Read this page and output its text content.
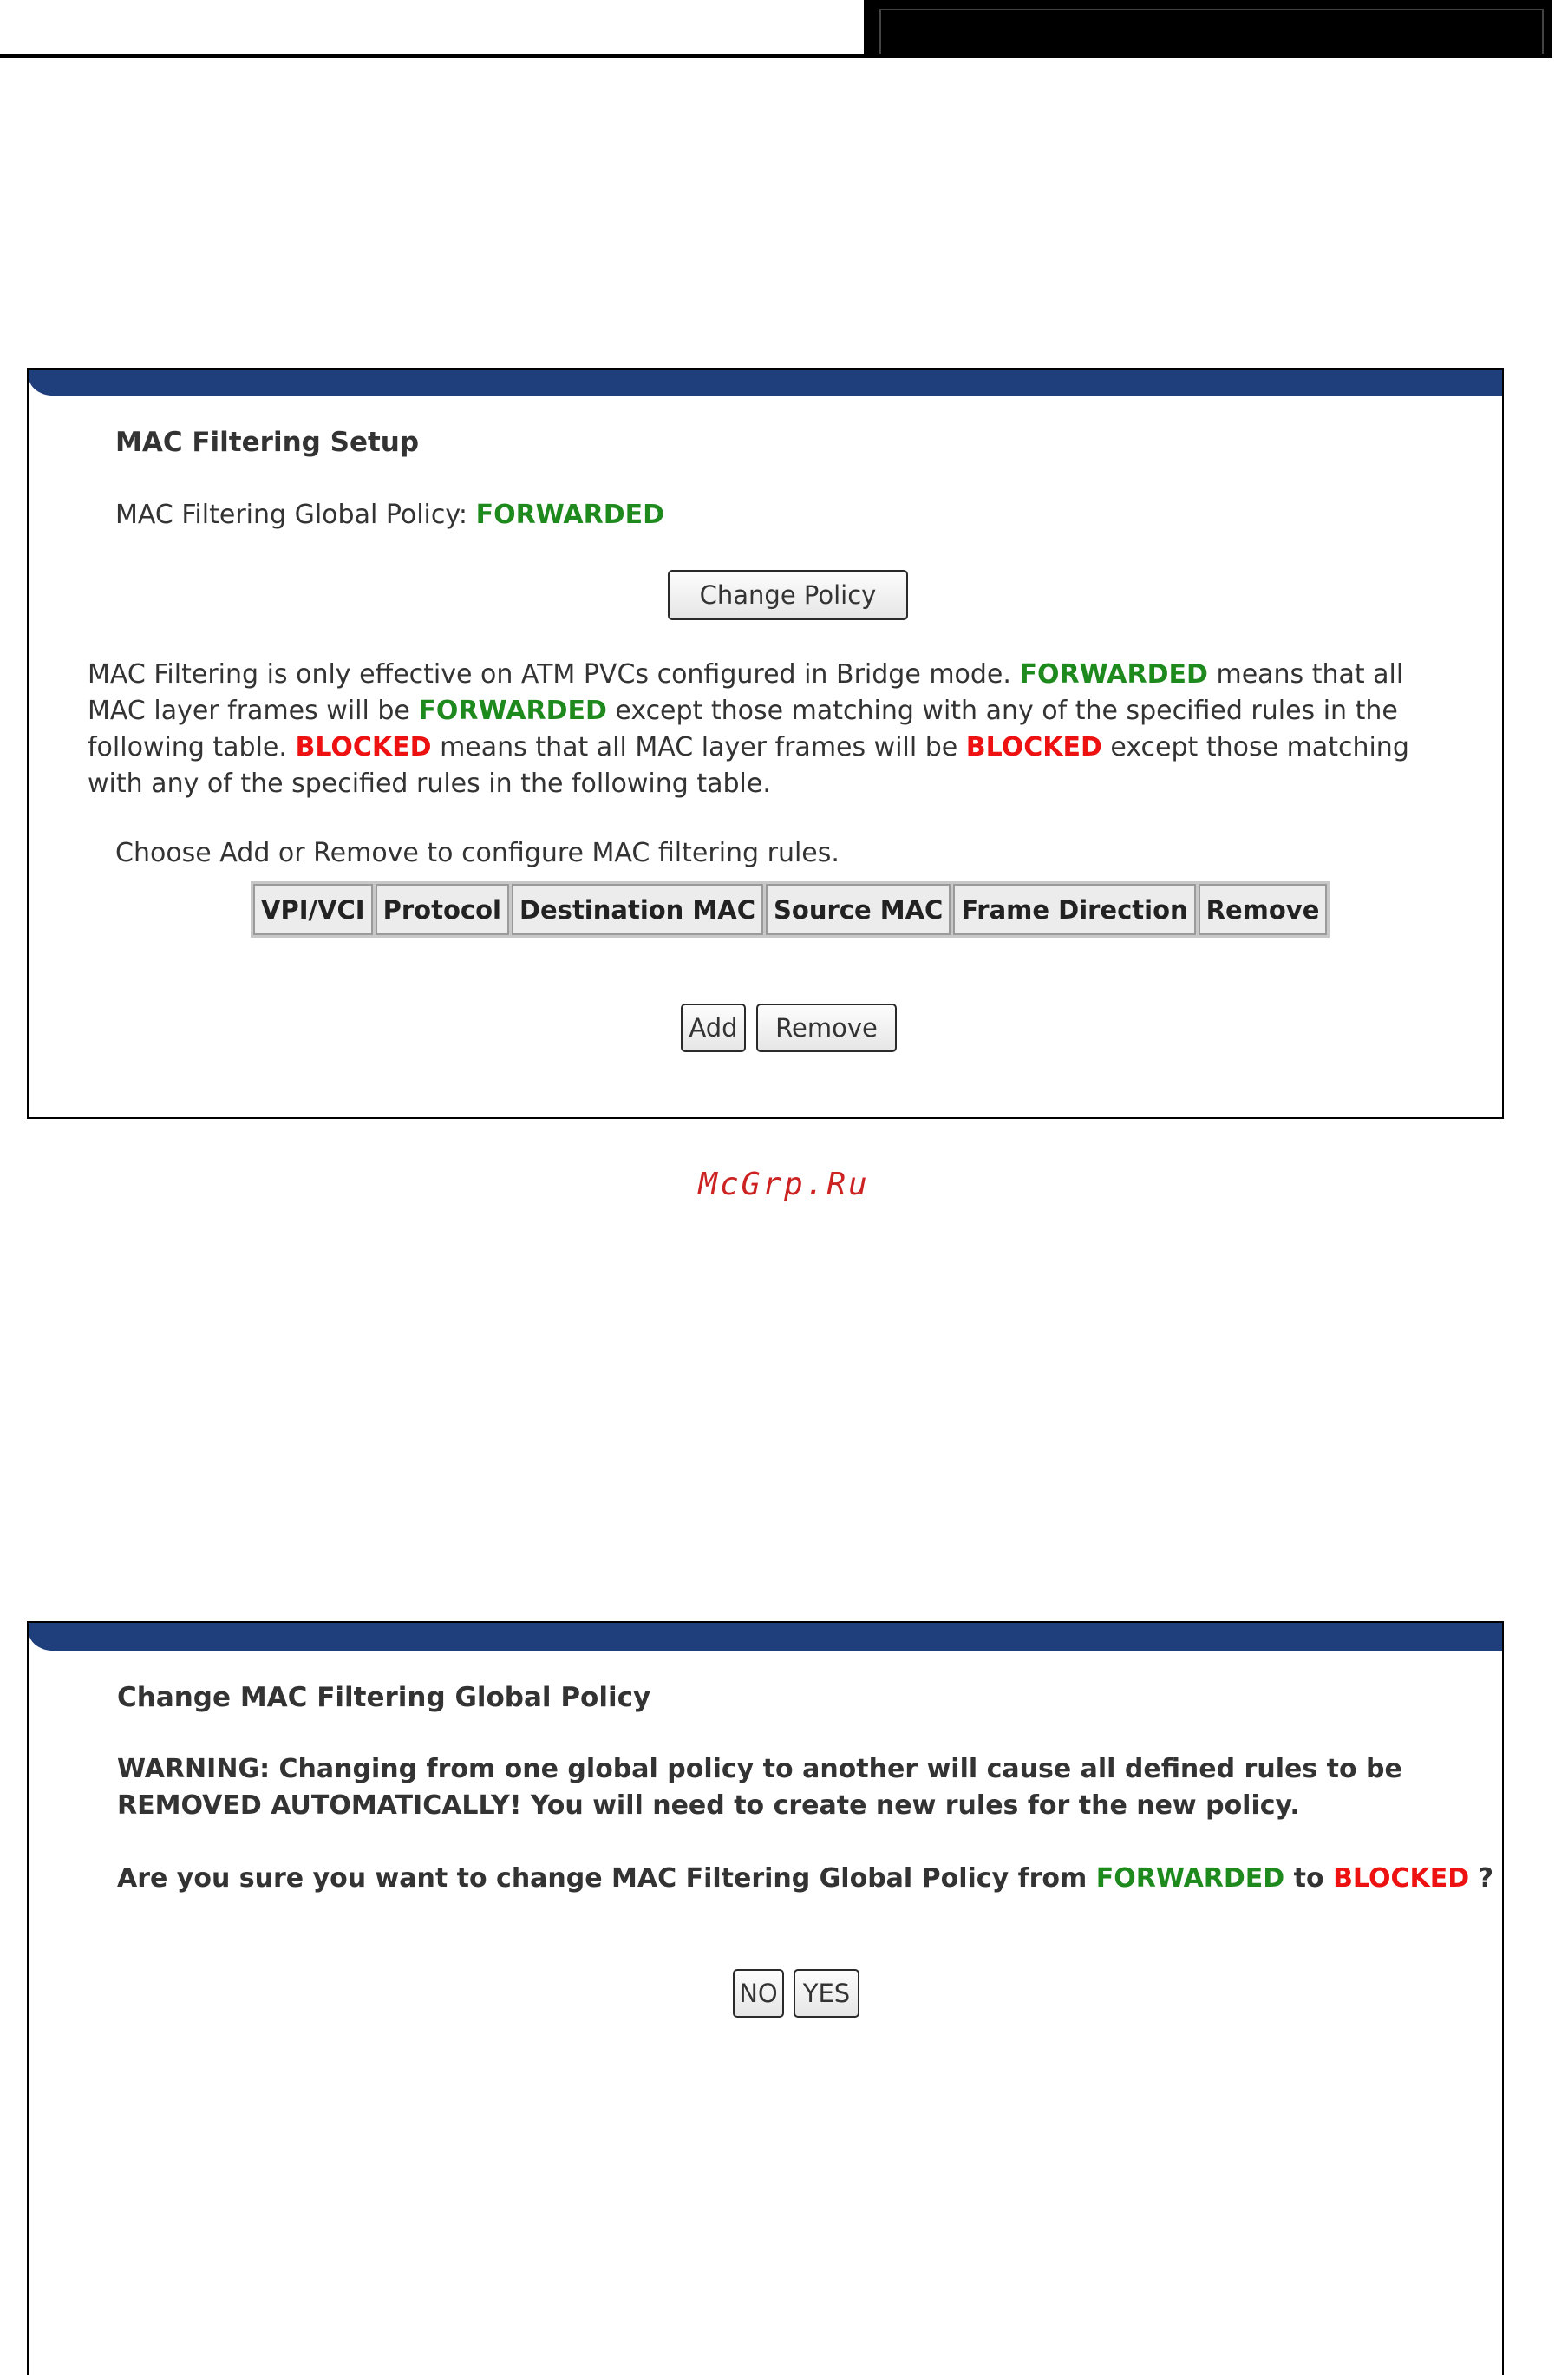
MAC Filtering Setup
MAC Filtering Global Policy: FORWARDED
Change Policy
MAC Filtering is only effective on ATM PVCs configured in Bridge mode. FORWARDED means that all MAC layer frames will be FORWARDED except those matching with any of the specified rules in the following table. BLOCKED means that all MAC layer frames will be BLOCKED except those matching with any of the specified rules in the following table.
Choose Add or Remove to configure MAC filtering rules.
VPI/VCI	Protocol	Destination MAC	Source MAC	Frame Direction	Remove
Add	Remove
McGrp.Ru
Change MAC Filtering Global Policy
WARNING: Changing from one global policy to another will cause all defined rules to be REMOVED AUTOMATICALLY! You will need to create new rules for the new policy.
Are you sure you want to change MAC Filtering Global Policy from FORWARDED to BLOCKED ?
NO	YES
